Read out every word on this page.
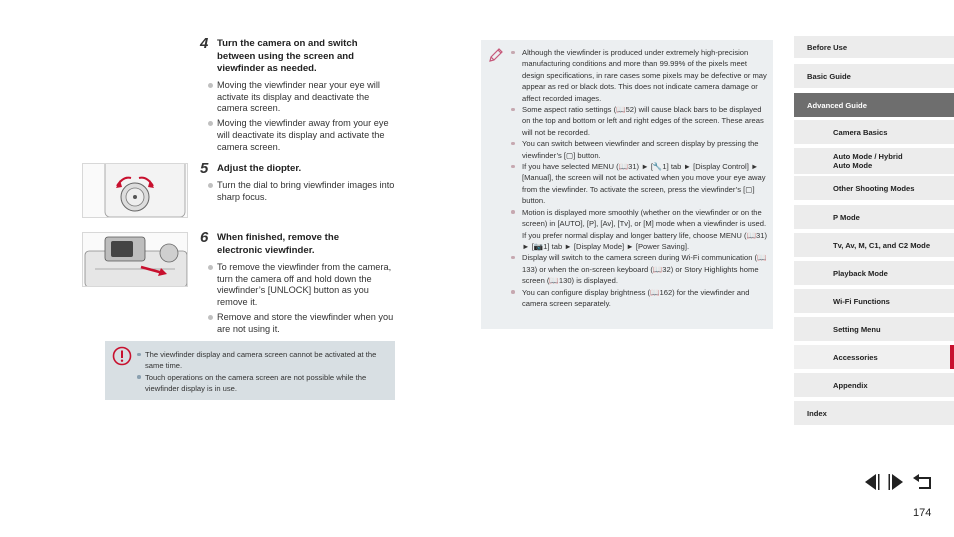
4 Turn the camera on and switch between using the screen and viewfinder as needed.
Moving the viewfinder near your eye will activate its display and deactivate the camera screen.
Moving the viewfinder away from your eye will deactivate its display and activate the camera screen.
5 Adjust the diopter.
Turn the dial to bring viewfinder images into sharp focus.
6 When finished, remove the electronic viewfinder.
To remove the viewfinder from the camera, turn the camera off and hold down the viewfinder’s [UNLOCK] button as you remove it.
Remove and store the viewfinder when you are not using it.
The viewfinder display and camera screen cannot be activated at the same time.
Touch operations on the camera screen are not possible while the viewfinder display is in use.
Although the viewfinder is produced under extremely high-precision manufacturing conditions and more than 99.99% of the pixels meet design specifications, in rare cases some pixels may be defective or may appear as red or black dots. This does not indicate camera damage or affect recorded images.
Some aspect ratio settings (📖52) will cause black bars to be displayed on the top and bottom or left and right edges of the screen. These areas will not be recorded.
You can switch between viewfinder and screen display by pressing the viewfinder’s [▢] button.
If you have selected MENU (📖31) ► [🔧1] tab ► [Display Control] ► [Manual], the screen will not be activated when you move your eye away from the viewfinder. To activate the screen, press the viewfinder’s [▢] button.
Motion is displayed more smoothly (whether on the viewfinder or on the screen) in [AUTO], [P], [Av], [Tv], or [M] mode when a viewfinder is used. If you prefer normal display and longer battery life, choose MENU (📖31) ► [📷1] tab ► [Display Mode] ► [Power Saving].
Display will switch to the camera screen during Wi-Fi communication (📖133) or when the on-screen keyboard (📖32) or Story Highlights home screen (📖130) is displayed.
You can configure display brightness (📖162) for the viewfinder and camera screen separately.
Before Use
Basic Guide
Advanced Guide
Camera Basics
Auto Mode / Hybrid Auto Mode
Other Shooting Modes
P Mode
Tv, Av, M, C1, and C2 Mode
Playback Mode
Wi-Fi Functions
Setting Menu
Accessories
Appendix
Index
174
